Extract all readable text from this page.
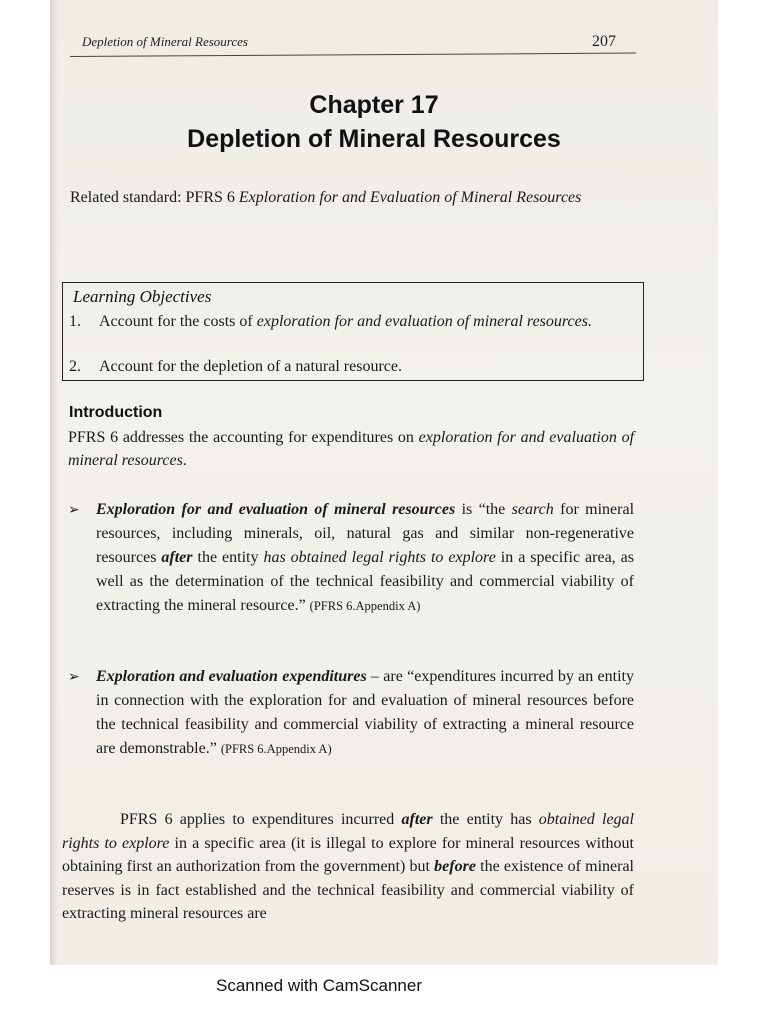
Depletion of Mineral Resources	207
Chapter 17
Depletion of Mineral Resources
Related standard: PFRS 6 Exploration for and Evaluation of Mineral Resources
Learning Objectives
1. Account for the costs of exploration for and evaluation of mineral resources.
2. Account for the depletion of a natural resource.
Introduction
PFRS 6 addresses the accounting for expenditures on exploration for and evaluation of mineral resources.
➢ Exploration for and evaluation of mineral resources is “the search for mineral resources, including minerals, oil, natural gas and similar non-regenerative resources after the entity has obtained legal rights to explore in a specific area, as well as the determination of the technical feasibility and commercial viability of extracting the mineral resource.” (PFRS 6.Appendix A)
➢ Exploration and evaluation expenditures – are “expenditures incurred by an entity in connection with the exploration for and evaluation of mineral resources before the technical feasibility and commercial viability of extracting a mineral resource are demonstrable.” (PFRS 6.Appendix A)
PFRS 6 applies to expenditures incurred after the entity has obtained legal rights to explore in a specific area (it is illegal to explore for mineral resources without obtaining first an authorization from the government) but before the existence of mineral reserves is in fact established and the technical feasibility and commercial viability of extracting mineral resources are
Scanned with CamScanner
